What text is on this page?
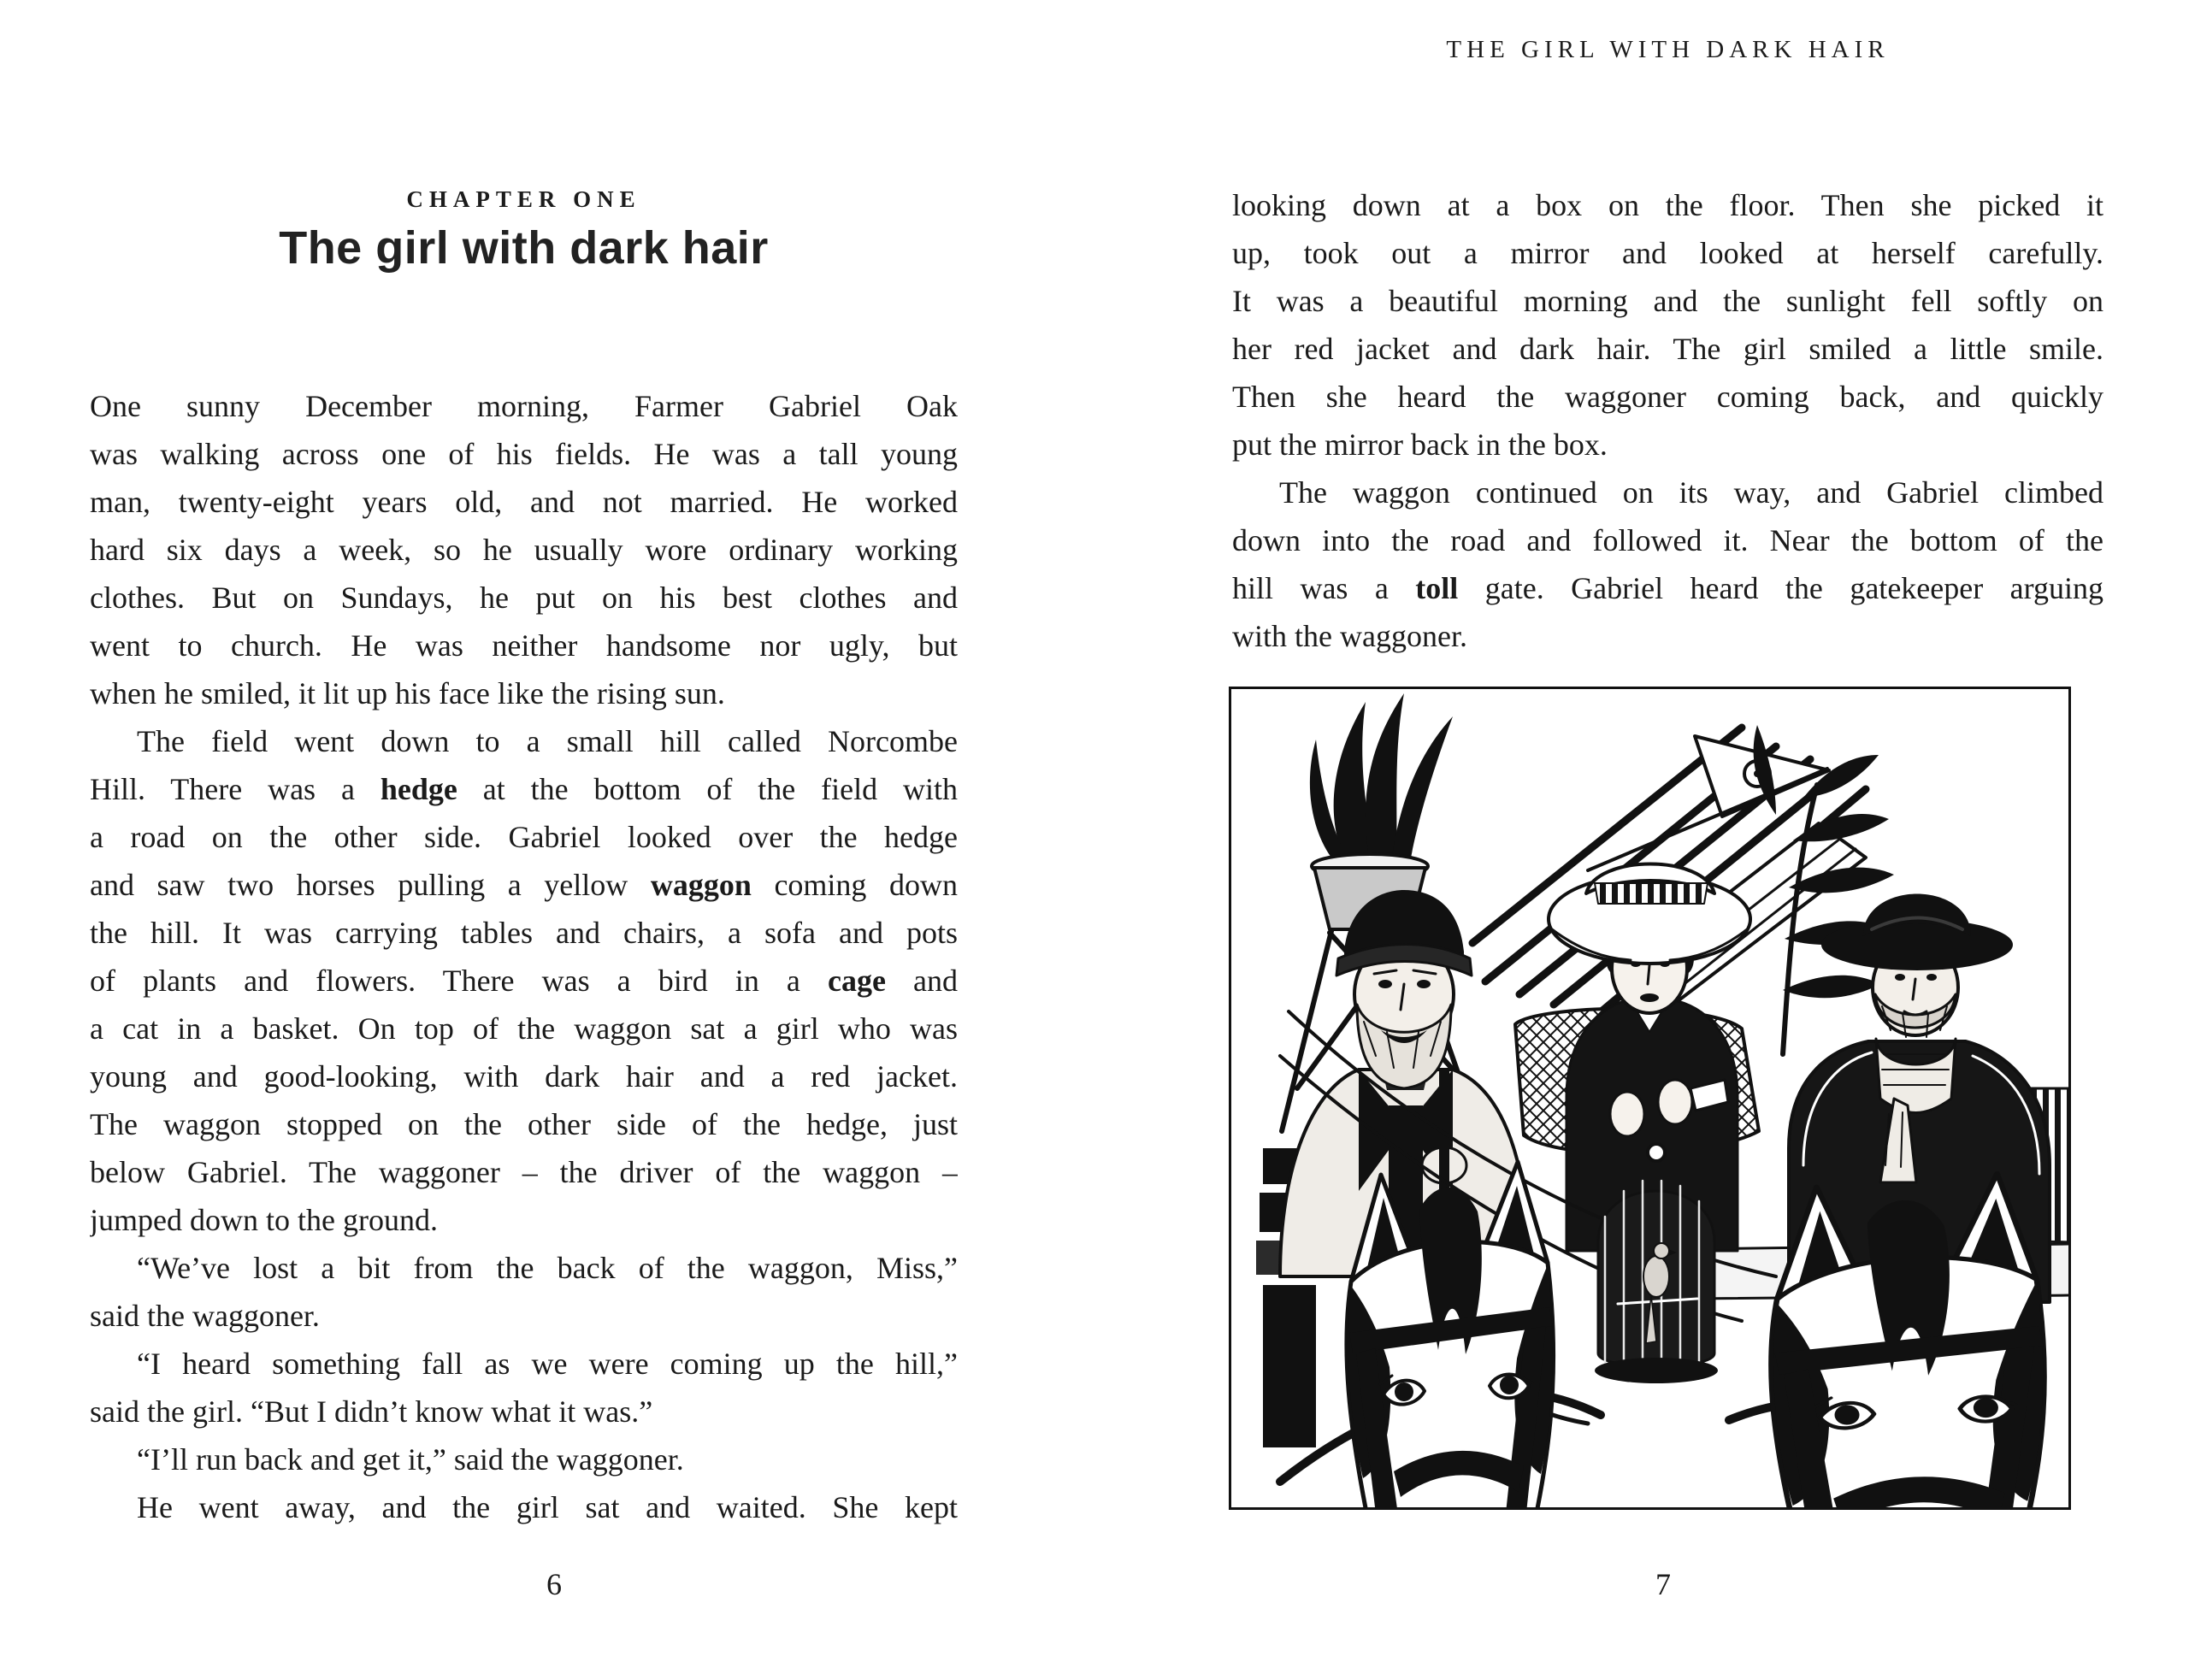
CHAPTER ONE
The girl with dark hair
THE GIRL WITH DARK HAIR
One sunny December morning, Farmer Gabriel Oak
was walking across one of his fields. He was a tall young
man, twenty-eight years old, and not married. He worked
hard six days a week, so he usually wore ordinary working
clothes. But on Sundays, he put on his best clothes and
went to church. He was neither handsome nor ugly, but
when he smiled, it lit up his face like the rising sun.
The field went down to a small hill called Norcombe
Hill. There was a hedge at the bottom of the field with
a road on the other side. Gabriel looked over the hedge
and saw two horses pulling a yellow waggon coming down
the hill. It was carrying tables and chairs, a sofa and pots
of plants and flowers. There was a bird in a cage and
a cat in a basket. On top of the waggon sat a girl who was
young and good-looking, with dark hair and a red jacket.
The waggon stopped on the other side of the hedge, just
below Gabriel. The waggoner – the driver of the waggon –
jumped down to the ground.
“We’ve lost a bit from the back of the waggon, Miss,”
said the waggoner.
“I heard something fall as we were coming up the hill,”
said the girl. “But I didn’t know what it was.”
“I’ll run back and get it,” said the waggoner.
He went away, and the girl sat and waited. She kept
looking down at a box on the floor. Then she picked it
up, took out a mirror and looked at herself carefully.
It was a beautiful morning and the sunlight fell softly on
her red jacket and dark hair. The girl smiled a little smile.
Then she heard the waggoner coming back, and quickly
put the mirror back in the box.
The waggon continued on its way, and Gabriel climbed
down into the road and followed it. Near the bottom of the
hill was a toll gate. Gabriel heard the gatekeeper arguing
with the waggoner.
6	7
